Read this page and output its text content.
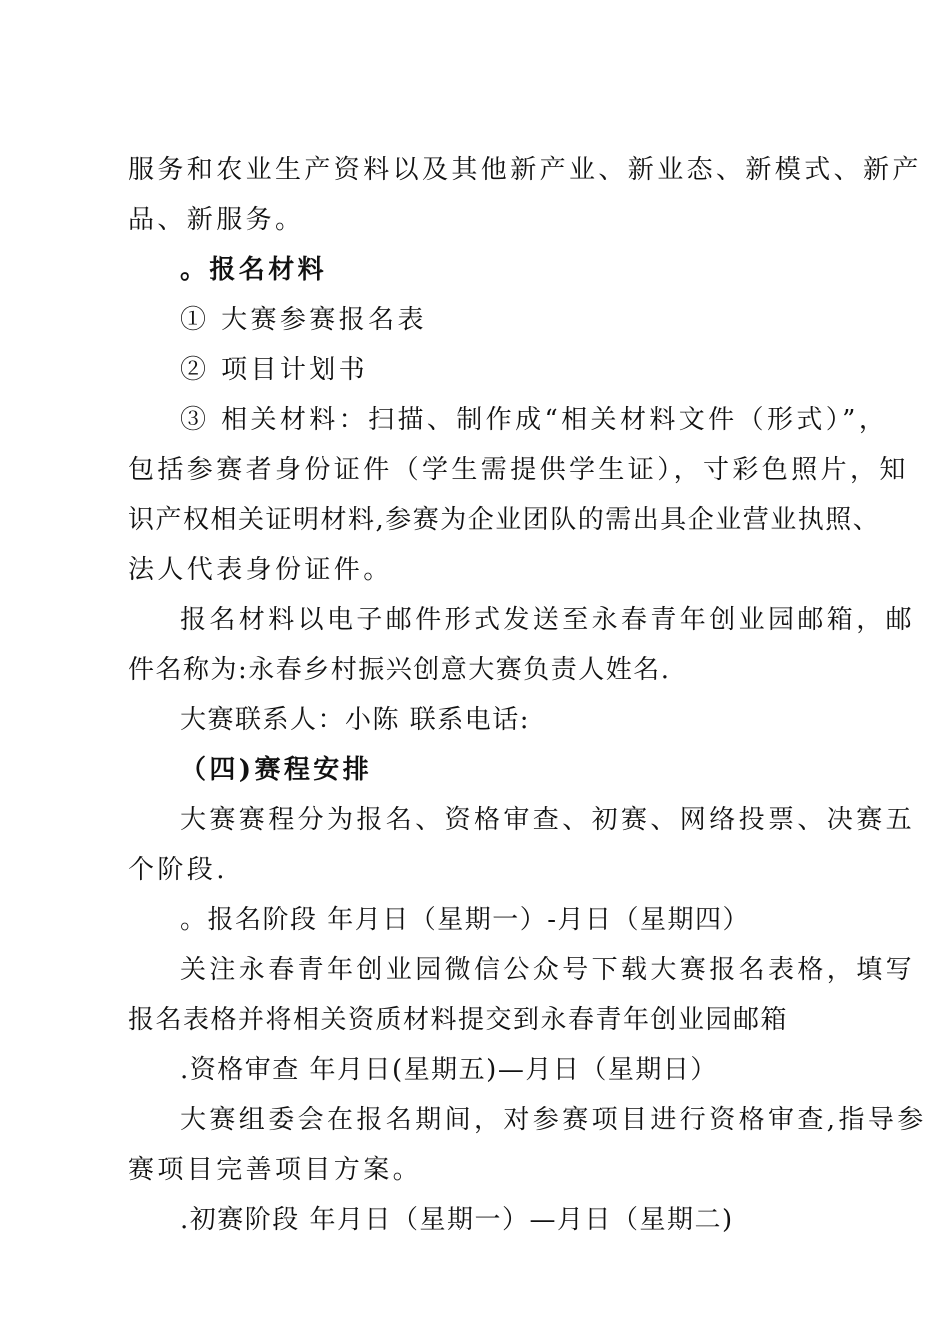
服务和农业生产资料以及其他新产业、新业态、新模式、新产
品、新服务。
。报名材料
① 大赛参赛报名表
② 项目计划书
③ 相关材料：扫描、制作成“相关材料文件（形式）”，
包括参赛者身份证件（学生需提供学生证），寸彩色照片，知
识产权相关证明材料,参赛为企业团队的需出具企业营业执照、
法人代表身份证件。
报名材料以电子邮件形式发送至永春青年创业园邮箱，邮
件名称为:永春乡村振兴创意大赛负责人姓名.
大赛联系人：小陈 联系电话:
（四)赛程安排
大赛赛程分为报名、资格审查、初赛、网络投票、决赛五
个阶段.
。报名阶段 年月日（星期一）-月日（星期四）
关注永春青年创业园微信公众号下载大赛报名表格，填写
报名表格并将相关资质材料提交到永春青年创业园邮箱
.资格审查 年月日(星期五)—月日（星期日）
大赛组委会在报名期间，对参赛项目进行资格审查,指导参
赛项目完善项目方案。
.初赛阶段 年月日（星期一）—月日（星期二)
